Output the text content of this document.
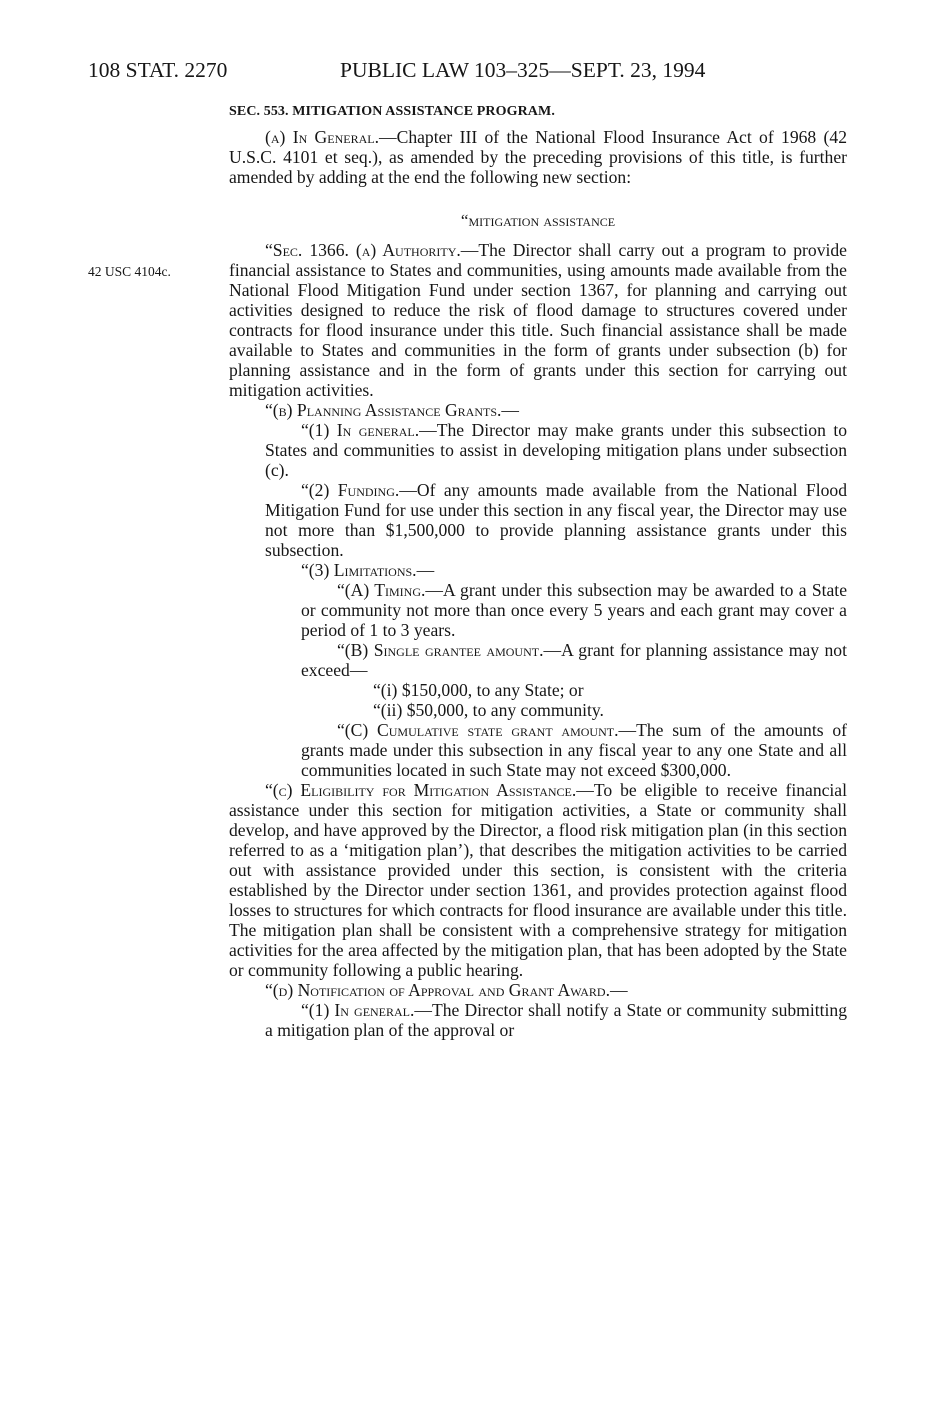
108 STAT. 2270	PUBLIC LAW 103–325—SEPT. 23, 1994
42 USC 4104c.

SEC. 553. MITIGATION ASSISTANCE PROGRAM.

(a) In General.—Chapter III of the National Flood Insurance Act of 1968 (42 U.S.C. 4101 et seq.), as amended by the preceding provisions of this title, is further amended by adding at the end the following new section:

“mitigation assistance

“Sec. 1366. (a) Authority.—The Director shall carry out a program to provide financial assistance to States and communities, using amounts made available from the National Flood Mitigation Fund under section 1367, for planning and carrying out activities designed to reduce the risk of flood damage to structures covered under contracts for flood insurance under this title. Such financial assistance shall be made available to States and communities in the form of grants under subsection (b) for planning assistance and in the form of grants under this section for carrying out mitigation activities.

“(b) Planning Assistance Grants.—

“(1) In general.—The Director may make grants under this subsection to States and communities to assist in developing mitigation plans under subsection (c).

“(2) Funding.—Of any amounts made available from the National Flood Mitigation Fund for use under this section in any fiscal year, the Director may use not more than $1,500,000 to provide planning assistance grants under this subsection.

“(3) Limitations.—

“(A) Timing.—A grant under this subsection may be awarded to a State or community not more than once every 5 years and each grant may cover a period of 1 to 3 years.

“(B) Single grantee amount.—A grant for planning assistance may not exceed—

“(i) $150,000, to any State; or

“(ii) $50,000, to any community.

“(C) Cumulative state grant amount.—The sum of the amounts of grants made under this subsection in any fiscal year to any one State and all communities located in such State may not exceed $300,000.

“(c) Eligibility for Mitigation Assistance.—To be eligible to receive financial assistance under this section for mitigation activities, a State or community shall develop, and have approved by the Director, a flood risk mitigation plan (in this section referred to as a ‘mitigation plan’), that describes the mitigation activities to be carried out with assistance provided under this section, is consistent with the criteria established by the Director under section 1361, and provides protection against flood losses to structures for which contracts for flood insurance are available under this title. The mitigation plan shall be consistent with a comprehensive strategy for mitigation activities for the area affected by the mitigation plan, that has been adopted by the State or community following a public hearing.

“(d) Notification of Approval and Grant Award.—

“(1) In general.—The Director shall notify a State or community submitting a mitigation plan of the approval or
